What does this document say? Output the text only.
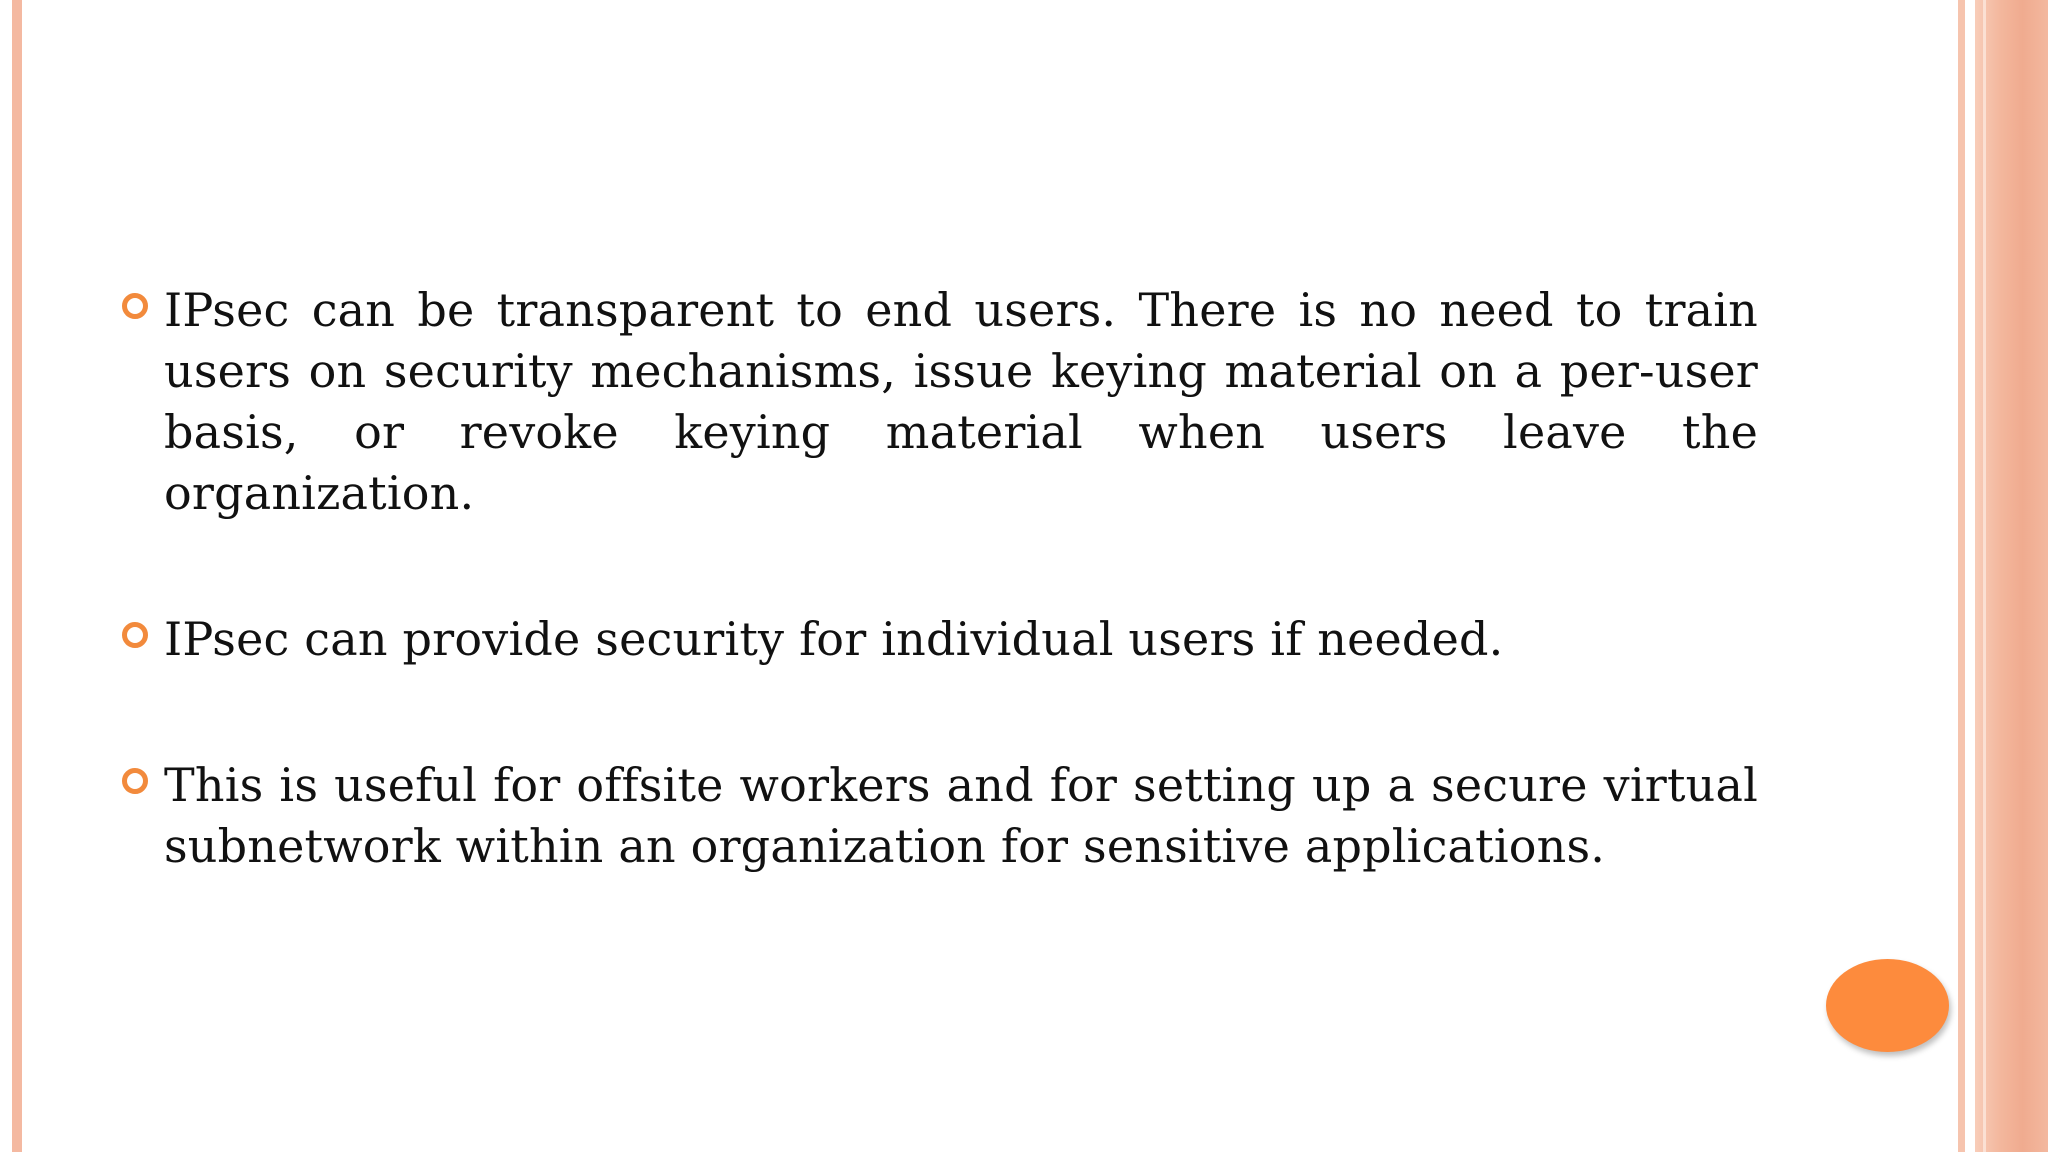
IPsec can be transparent to end users. There is no need to train users on security mechanisms, issue keying material on a per-user basis, or revoke keying material when users leave the organization.
IPsec can provide security for individual users if needed.
This is useful for offsite workers and for setting up a secure virtual subnetwork within an organization for sensitive applications.
